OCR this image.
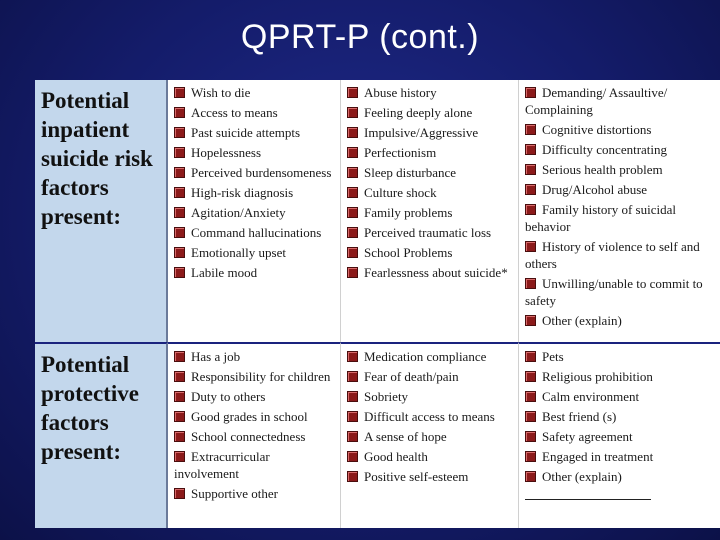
QPRT-P (cont.)
Potential inpatient suicide risk factors present:
Wish to die
Access to means
Past suicide attempts
Hopelessness
Perceived burdensomeness
High-risk diagnosis
Agitation/Anxiety
Command hallucinations
Emotionally upset
Labile mood
Abuse history
Feeling deeply alone
Impulsive/Aggressive
Perfectionism
Sleep disturbance
Culture shock
Family problems
Perceived traumatic loss
School Problems
Fearlessness about suicide*
Demanding/ Assaultive/ Complaining
Cognitive distortions
Difficulty concentrating
Serious health problem
Drug/Alcohol abuse
Family history of suicidal behavior
History of violence to self and others
Unwilling/unable to commit to safety
Other (explain)

Potential protective factors present:
Has a job
Responsibility for children
Duty to others
Good grades in school
School connectedness
Extracurricular involvement
Supportive other
Medication compliance
Fear of death/pain
Sobriety
Difficult access to means
A sense of hope
Good health
Positive self-esteem
Pets
Religious prohibition
Calm environment
Best friend (s)
Safety agreement
Engaged in treatment
Other (explain)
